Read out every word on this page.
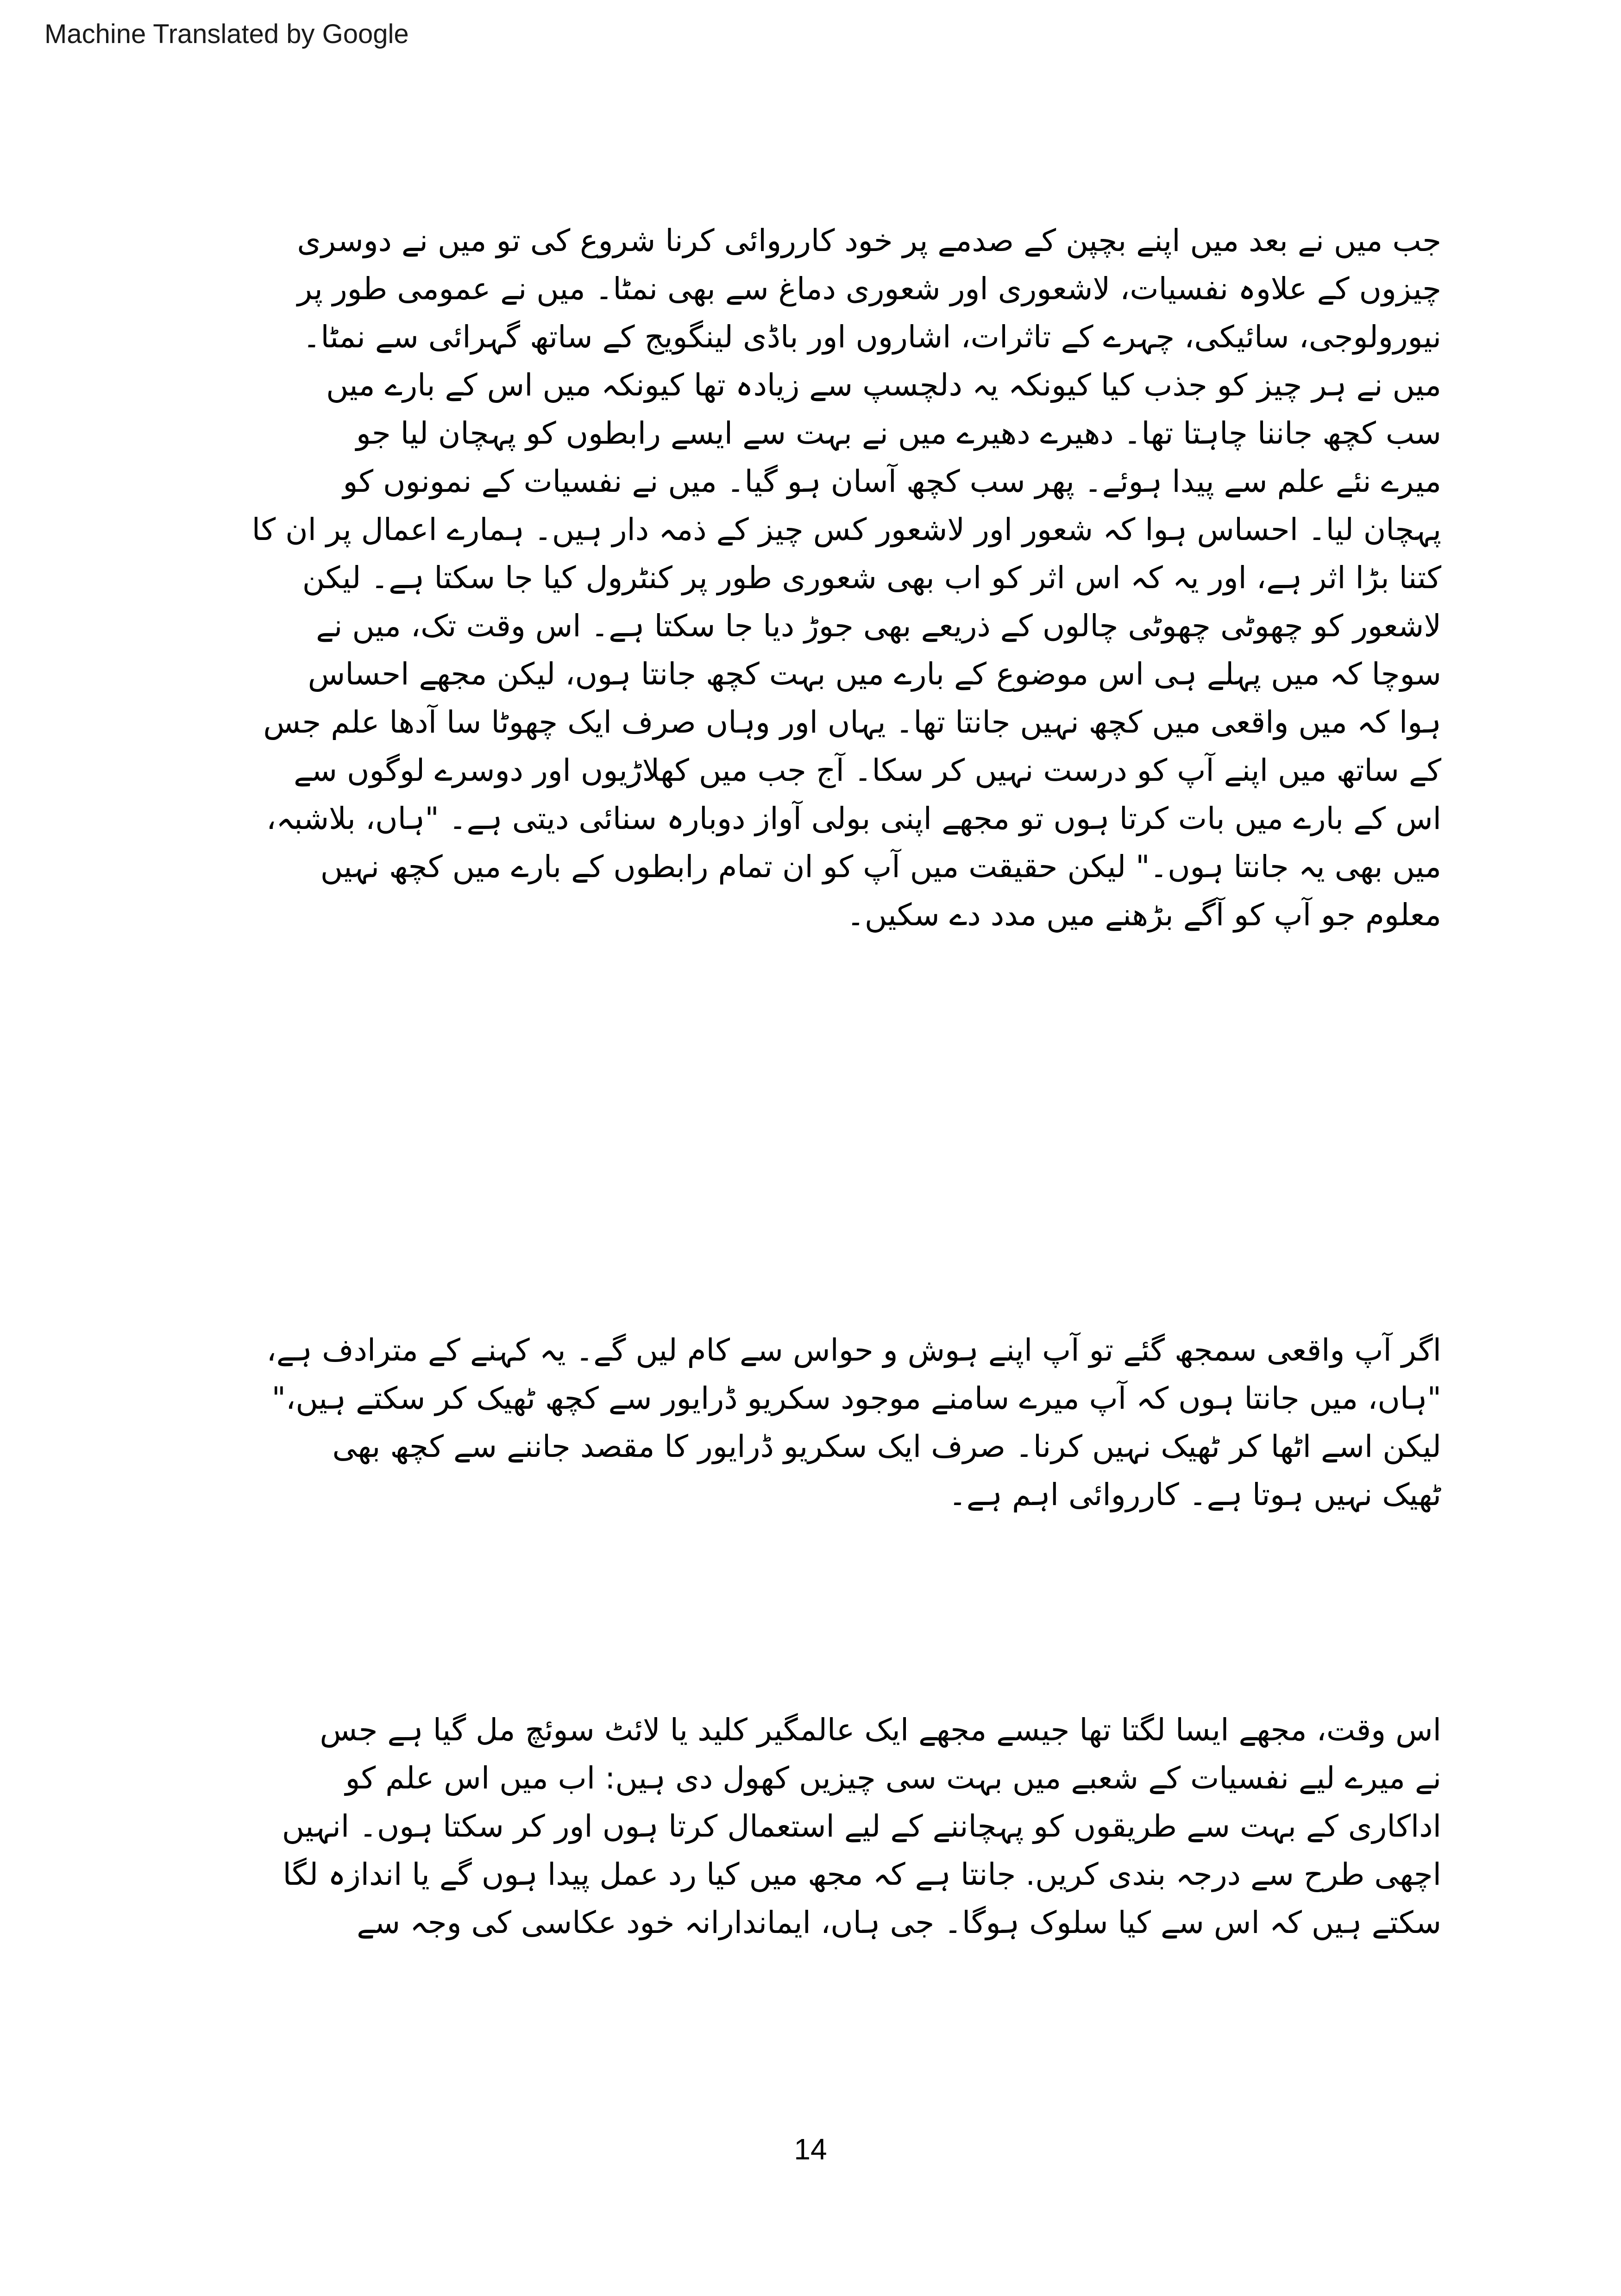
Machine Translated by Google
جب میں نے بعد میں اپنے بچپن کے صدمے پر خود کارروائی کرنا شروع کی تو میں نے دوسری
چیزوں کے علاوہ نفسیات، لاشعوری اور شعوری دماغ سے بھی نمٹا۔ میں نے عمومی طور پر
نیورولوجی، سائیکی، چہرے کے تاثرات، اشاروں اور باڈی لینگویج کے ساتھ گہرائی سے نمٹا۔
میں نے ہر چیز کو جذب کیا کیونکہ یہ دلچسپ سے زیادہ تھا کیونکہ میں اس کے بارے میں
سب کچھ جاننا چاہتا تھا۔ دھیرے دھیرے میں نے بہت سے ایسے رابطوں کو پہچان لیا جو
میرے نئے علم سے پیدا ہوئے۔ پھر سب کچھ آسان ہو گیا۔ میں نے نفسیات کے نمونوں کو
پہچان لیا۔ احساس ہوا کہ شعور اور لاشعور کس چیز کے ذمہ دار ہیں۔ ہمارے اعمال پر ان کا
کتنا بڑا اثر ہے، اور یہ کہ اس اثر کو اب بھی شعوری طور پر کنٹرول کیا جا سکتا ہے۔ لیکن
لاشعور کو چھوٹی چھوٹی چالوں کے ذریعے بھی جوڑ دیا جا سکتا ہے۔ اس وقت تک، میں نے
سوچا کہ میں پہلے ہی اس موضوع کے بارے میں بہت کچھ جانتا ہوں، لیکن مجھے احساس
ہوا کہ میں واقعی میں کچھ نہیں جانتا تھا۔ یہاں اور وہاں صرف ایک چھوٹا سا آدھا علم جس
کے ساتھ میں اپنے آپ کو درست نہیں کر سکا۔ آج جب میں کھلاڑیوں اور دوسرے لوگوں سے
اس کے بارے میں بات کرتا ہوں تو مجھے اپنی بولی آواز دوبارہ سنائی دیتی ہے۔ "ہاں، بلاشبہ،
میں بھی یہ جانتا ہوں۔" لیکن حقیقت میں آپ کو ان تمام رابطوں کے بارے میں کچھ نہیں
معلوم جو آپ کو آگے بڑھنے میں مدد دے سکیں۔
اگر آپ واقعی سمجھ گئے تو آپ اپنے ہوش و حواس سے کام لیں گے۔ یہ کہنے کے مترادف ہے،
"ہاں، میں جانتا ہوں کہ آپ میرے سامنے موجود سکریو ڈرایور سے کچھ ٹھیک کر سکتے ہیں،"
لیکن اسے اٹھا کر ٹھیک نہیں کرنا۔ صرف ایک سکریو ڈرایور کا مقصد جاننے سے کچھ بھی
ٹھیک نہیں ہوتا ہے۔ کارروائی اہم ہے۔
اس وقت، مجھے ایسا لگتا تھا جیسے مجھے ایک عالمگیر کلید یا لائٹ سوئچ مل گیا ہے جس
نے میرے لیے نفسیات کے شعبے میں بہت سی چیزیں کھول دی ہیں: اب میں اس علم کو
اداکاری کے بہت سے طریقوں کو پہچاننے کے لیے استعمال کرتا ہوں اور کر سکتا ہوں۔ انہیں
اچھی طرح سے درجہ بندی کریں. جانتا ہے کہ مجھ میں کیا رد عمل پیدا ہوں گے یا اندازہ لگا
سکتے ہیں کہ اس سے کیا سلوک ہوگا۔ جی ہاں، ایماندارانہ خود عکاسی کی وجہ سے
14
